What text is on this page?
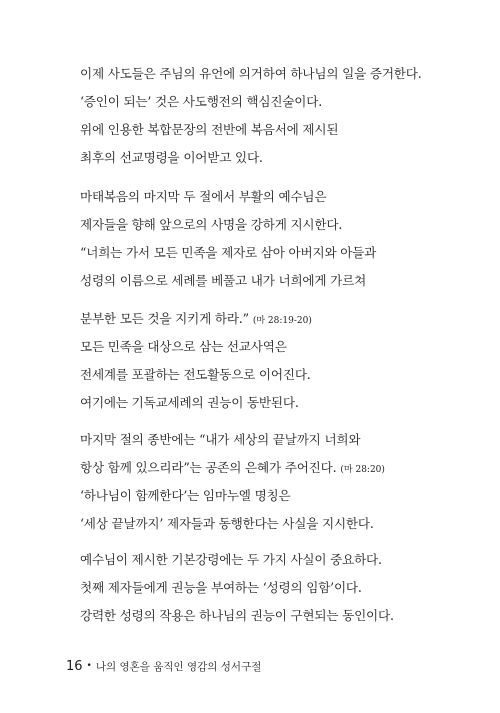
이제 사도들은 주님의 유언에 의거하여 하나님의 일을 증거한다.
‘증인이 되는’ 것은 사도행전의 핵심진술이다.
위에 인용한 복합문장의 전반에 복음서에 제시된
최후의 선교명령을 이어받고 있다.
마태복음의 마지막 두 절에서 부활의 예수님은
제자들을 향해 앞으로의 사명을 강하게 지시한다.
“너희는 가서 모든 민족을 제자로 삼아 아버지와 아들과
성령의 이름으로 세례를 베풀고 내가 너희에게 가르쳐
분부한 모든 것을 지키게 하라.” (마 28:19-20)
모든 민족을 대상으로 삼는 선교사역은
전세계를 포괄하는 전도활동으로 이어진다.
여기에는 기독교세례의 권능이 동반된다.
마지막 절의 종반에는 “내가 세상의 끝날까지 너희와
항상 함께 있으리라”는 공존의 은혜가 주어진다. (마 28:20)
‘하나님이 함께한다’는 임마누엘 명칭은
‘세상 끝날까지’ 제자들과 동행한다는 사실을 지시한다.
예수님이 제시한 기본강령에는 두 가지 사실이 중요하다.
첫째 제자들에게 권능을 부여하는 ‘성령의 임함’이다.
강력한 성령의 작용은 하나님의 권능이 구현되는 동인이다.
16 • 나의 영혼을 움직인 영감의 성서구절
